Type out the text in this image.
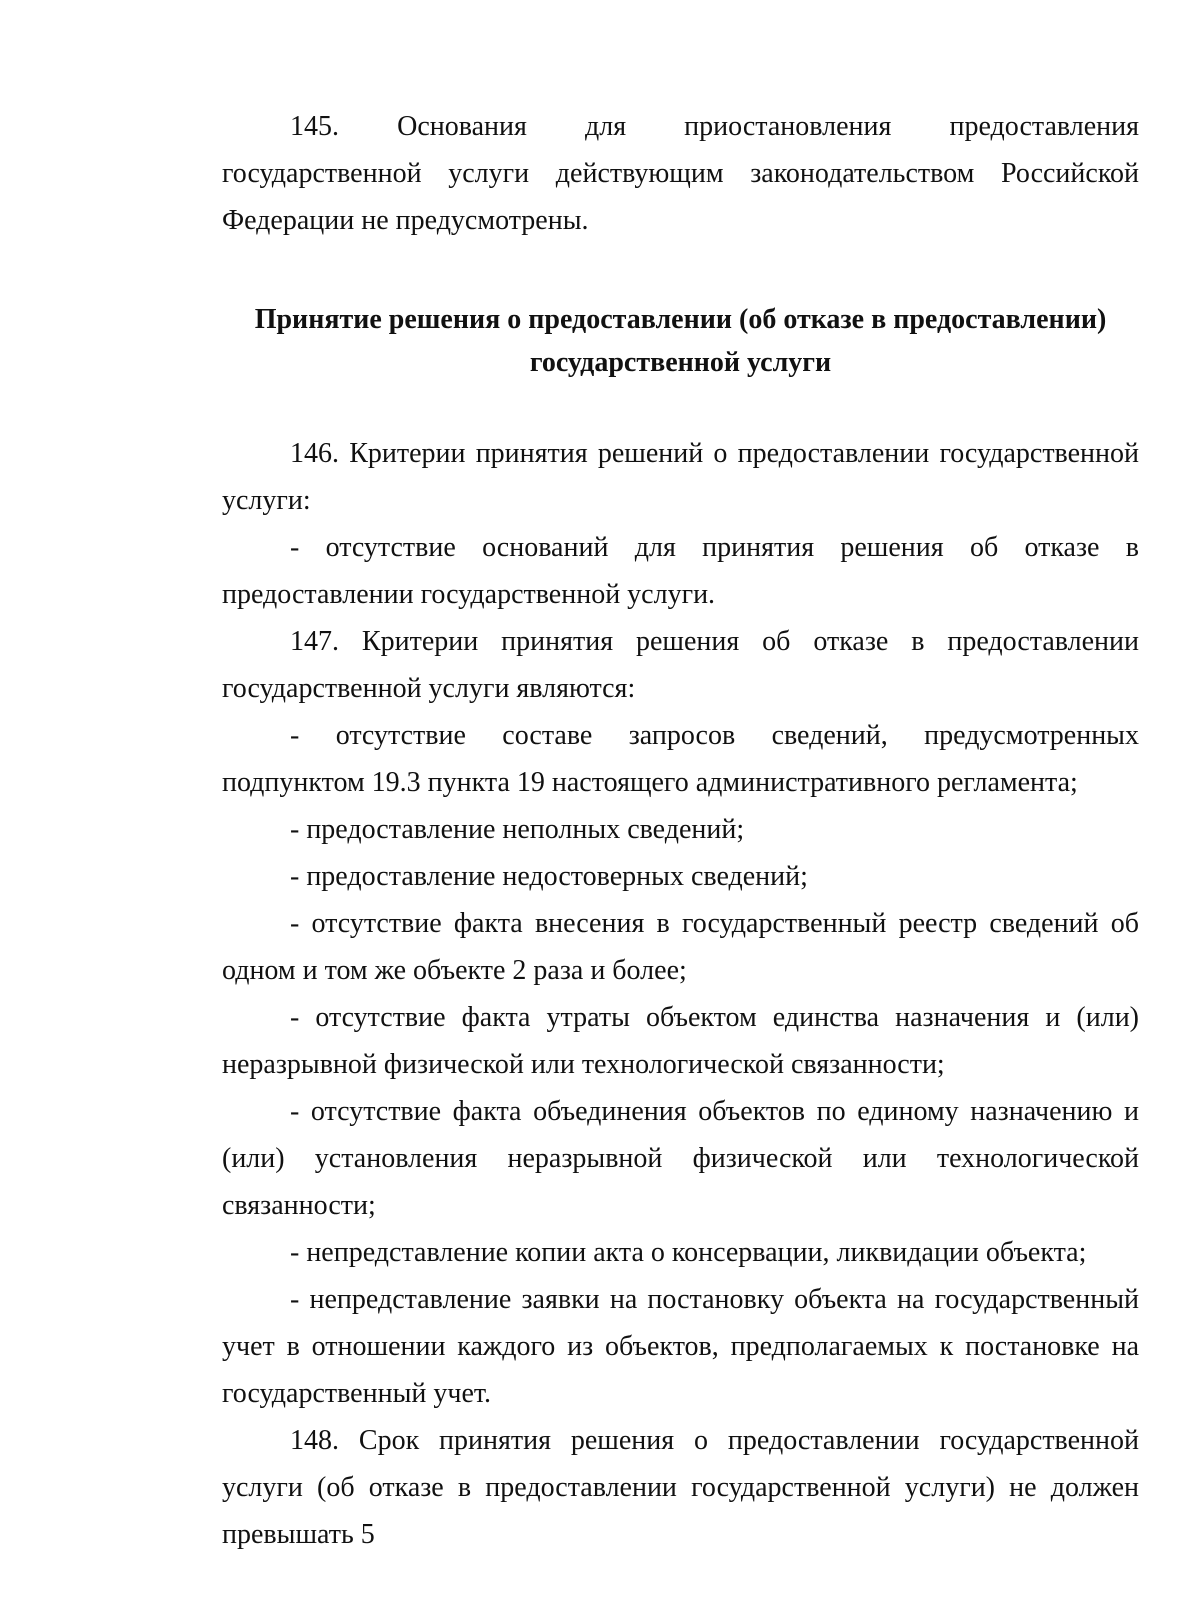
145. Основания для приостановления предоставления государственной услуги действующим законодательством Российской Федерации не предусмотрены.

Принятие решения о предоставлении (об отказе в предоставлении)
государственной услуги

146. Критерии принятия решений о предоставлении государственной услуги:

- отсутствие оснований для принятия решения об отказе в предоставлении государственной услуги.

147. Критерии принятия решения об отказе в предоставлении государственной услуги являются:

- отсутствие составе запросов сведений, предусмотренных подпунктом 19.3 пункта 19 настоящего административного регламента;

- предоставление неполных сведений;

- предоставление недостоверных сведений;

- отсутствие факта внесения в государственный реестр сведений об одном и том же объекте 2 раза и более;

- отсутствие факта утраты объектом единства назначения и (или) неразрывной физической или технологической связанности;

- отсутствие факта объединения объектов по единому назначению и (или) установления неразрывной физической или технологической связанности;

- непредставление копии акта о консервации, ликвидации объекта;

- непредставление заявки на постановку объекта на государственный учет в отношении каждого из объектов, предполагаемых к постановке на государственный учет.

148. Срок принятия решения о предоставлении государственной услуги (об отказе в предоставлении государственной услуги) не должен превышать 5
